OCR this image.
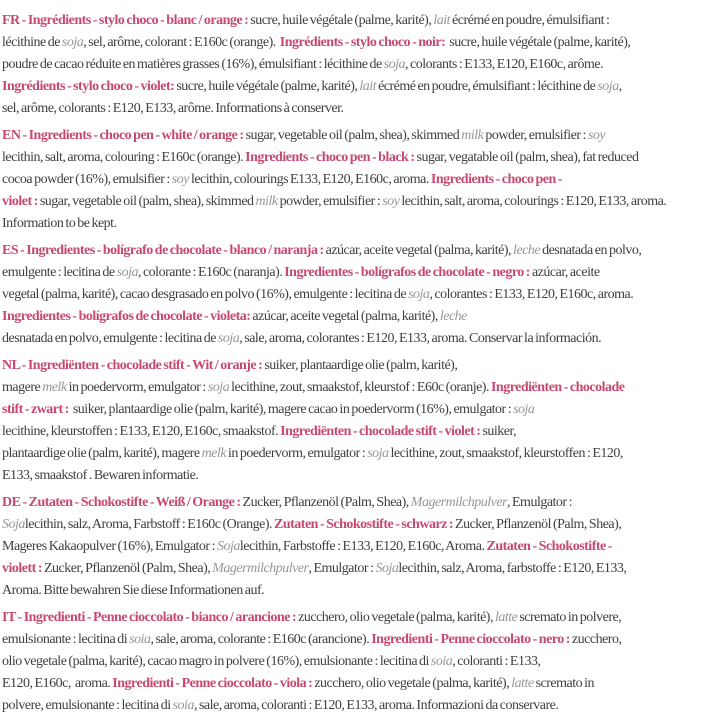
FR - Ingrédients - stylo choco - blanc / orange : sucre, huile végétale (palme, karité), lait écrémé en poudre, émulsifiant :
lécithine de soja, sel, arôme, colorant : E160c (orange).  Ingrédients - stylo choco - noir:  sucre, huile végétale (palme, karité),
poudre de cacao réduite en matières grasses (16%), émulsifiant : lécithine de soja, colorants : E133, E120, E160c, arôme.
Ingrédients - stylo choco - violet: sucre, huile végétale (palme, karité), lait écrémé en poudre, émulsifiant : lécithine de soja,
sel, arôme, colorants : E120, E133, arôme. Informations à conserver.
EN - Ingredients - choco pen - white / orange : sugar, vegetable oil (palm, shea), skimmed milk powder, emulsifier : soy
lecithin, salt, aroma, colouring : E160c (orange). Ingredients - choco pen - black : sugar, vegatable oil (palm, shea), fat reduced
cocoa powder (16%), emulsifier : soy lecithin, colourings E133, E120, E160c, aroma. Ingredients - choco pen -
violet : sugar, vegetable oil (palm, shea), skimmed milk powder, emulsifier : soy lecithin, salt, aroma, colourings : E120, E133, aroma.
Information to be kept.
ES - Ingredientes - bolígrafo de chocolate - blanco / naranja : azúcar, aceite vegetal (palma, karité), leche desnatada en polvo,
emulgente : lecitina de soja, colorante : E160c (naranja). Ingredientes - bolígrafos de chocolate - negro : azúcar, aceite
vegetal (palma, karité), cacao desgrasado en polvo (16%), emulgente : lecitina de soja, colorantes : E133, E120, E160c, aroma.
Ingredientes - bolígrafos de chocolate - violeta: azúcar, aceite vegetal (palma, karité), leche
desnatada en polvo, emulgente : lecitina de soja, sale, aroma, colorantes : E120, E133, aroma. Conservar la información.
NL - Ingrediënten - chocolade stift - Wit / oranje : suiker, plantaardige olie (palm, karité),
magere melk in poedervorm, emulgator : soja lecithine, zout, smaakstof, kleurstof : E60c (oranje). Ingrediënten - chocolade
stift - zwart :  suiker, plantaardige olie (palm, karité), magere cacao in poedervorm (16%), emulgator : soja
lecithine, kleurstoffen : E133, E120, E160c, smaakstof. Ingrediënten - chocolade stift - violet : suiker,
plantaardige olie (palm, karité), magere melk in poedervorm, emulgator : soja lecithine, zout, smaakstof, kleurstoffen : E120,
E133, smaakstof . Bewaren informatie.
DE - Zutaten - Schokostifte - Weiß / Orange : Zucker, Pflanzenöl (Palm, Shea), Magermilchpulver, Emulgator :
Sojalecithin, salz, Aroma, Farbstoff : E160c (Orange). Zutaten - Schokostifte - schwarz : Zucker, Pflanzenöl (Palm, Shea),
Mageres Kakaopulver (16%), Emulgator : Sojalecithin, Farbstoffe : E133, E120, E160c, Aroma. Zutaten - Schokostifte -
violett : Zucker, Pflanzenöl (Palm, Shea), Magermilchpulver, Emulgator : Sojalecithin, salz, Aroma, farbstoffe : E120, E133,
Aroma. Bitte bewahren Sie diese Informationen auf.
IT - Ingredienti - Penne cioccolato - bianco / arancione : zucchero, olio vegetale (palma, karité), latte scremato in polvere,
emulsionante : lecitina di soia, sale, aroma, colorante : E160c (arancione). Ingredienti - Penne cioccolato - nero : zucchero,
olio vegetale (palma, karité), cacao magro in polvere (16%), emulsionante : lecitina di soia, coloranti : E133,
E120, E160c,  aroma. Ingredienti - Penne cioccolato - viola : zucchero, olio vegetale (palma, karité), latte scremato in
polvere, emulsionante : lecitina di soia, sale, aroma, coloranti : E120, E133, aroma. Informazioni da conservare.
